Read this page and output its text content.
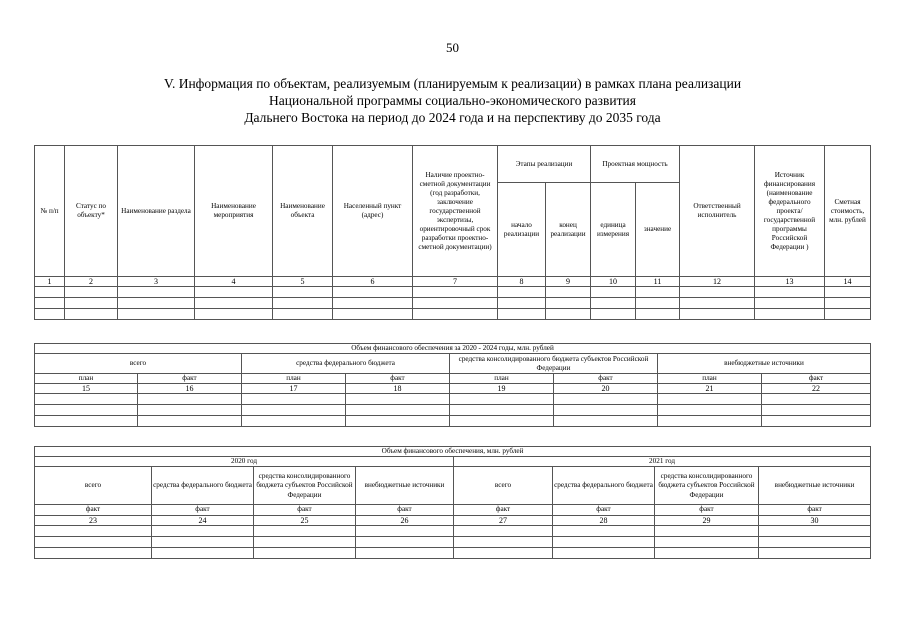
50
V. Информация по объектам, реализуемым (планируемым к реализации) в рамках плана реализации
Национальной программы социально-экономического развития
Дальнего Востока на период до 2024 года и на перспективу до 2035 года
№ п/п	Статус по объекту*	Наименование раздела	Наименование мероприятия	Наименование объекта	Населенный пункт (адрес)	Наличие проектно-сметной документации (год разработки, заключение государственной экспертизы, ориентировочный срок разработки проектно-сметной документации)	Этапы реализации		Проектная мощность		Ответственный исполнитель	Источник финансирования (наименование федерального проекта/ государственной программы Российской Федерации )	Сметная стоимость, млн. рублей
							начало реализации	конец реализации	единица измерения	значение			
1	2	3	4	5	6	7	8	9	10	11	12	13	14

Объем финансового обеспечения за 2020 - 2024 годы, млн. рублей							
всего		средства федерального бюджета		средства консолидированного бюджета субъектов Российской Федерации		внебюджетные источники	
план	факт	план	факт	план	факт	план	факт
15	16	17	18	19	20	21	22

Объем финансового обеспечения, млн. рублей							
2020 год				2021 год			
всего	средства федерального бюджета	средства консолидированного бюджета субъектов Российской Федерации	внебюджетные источники	всего	средства федерального бюджета	средства консолидированного бюджета субъектов Российской Федерации	внебюджетные источники
факт	факт	факт	факт	факт	факт	факт	факт
23	24	25	26	27	28	29	30
